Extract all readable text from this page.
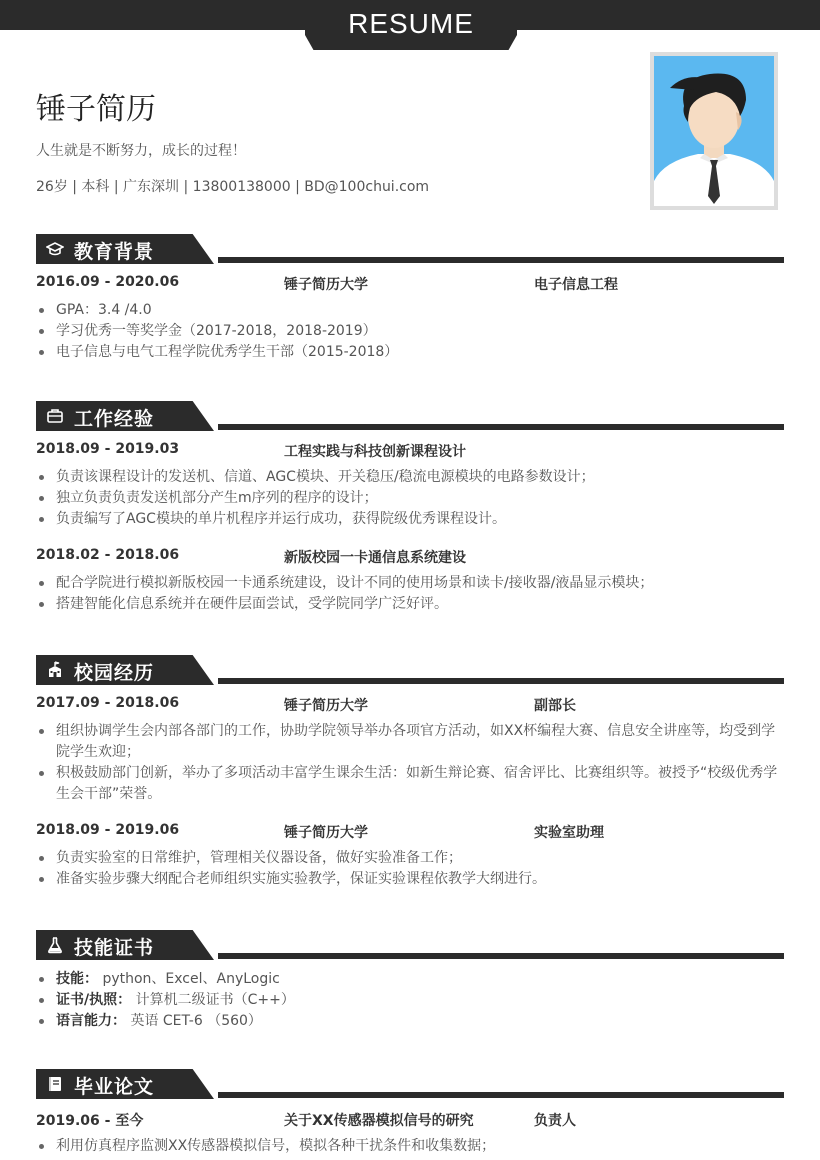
RESUME
锤子简历
人生就是不断努力，成长的过程！
26岁 | 本科 | 广东深圳 | 13800138000 | BD@100chui.com
教育背景
2016.09 - 2020.06	锤子简历大学	电子信息工程
GPA：3.4 /4.0
学习优秀一等奖学金（2017-2018，2018-2019）
电子信息与电气工程学院优秀学生干部（2015-2018）
工作经验
2018.09 - 2019.03	工程实践与科技创新课程设计
负责该课程设计的发送机、信道、AGC模块、开关稳压/稳流电源模块的电路参数设计；
独立负责负责发送机部分产生m序列的程序的设计；
负责编写了AGC模块的单片机程序并运行成功，获得院级优秀课程设计。
2018.02 - 2018.06	新版校园一卡通信息系统建设
配合学院进行模拟新版校园一卡通系统建设，设计不同的使用场景和读卡/接收器/液晶显示模块；
搭建智能化信息系统并在硬件层面尝试，受学院同学广泛好评。
校园经历
2017.09 - 2018.06	锤子简历大学	副部长
组织协调学生会内部各部门的工作，协助学院领导举办各项官方活动，如XX杯编程大赛、信息安全讲座等，均受到学院学生欢迎；
积极鼓励部门创新，举办了多项活动丰富学生课余生活：如新生辩论赛、宿舍评比、比赛组织等。被授予“校级优秀学生会干部”荣誉。
2018.09 - 2019.06	锤子简历大学	实验室助理
负责实验室的日常维护，管理相关仪器设备，做好实验准备工作；
准备实验步骤大纲配合老师组织实施实验教学，保证实验课程依教学大纲进行。
技能证书
技能： python、Excel、AnyLogic
证书/执照： 计算机二级证书（C++）
语言能力： 英语 CET-6 （560）
毕业论文
2019.06 - 至今	关于XX传感器模拟信号的研究	负责人
利用仿真程序监测XX传感器模拟信号，模拟各种干扰条件和收集数据；
